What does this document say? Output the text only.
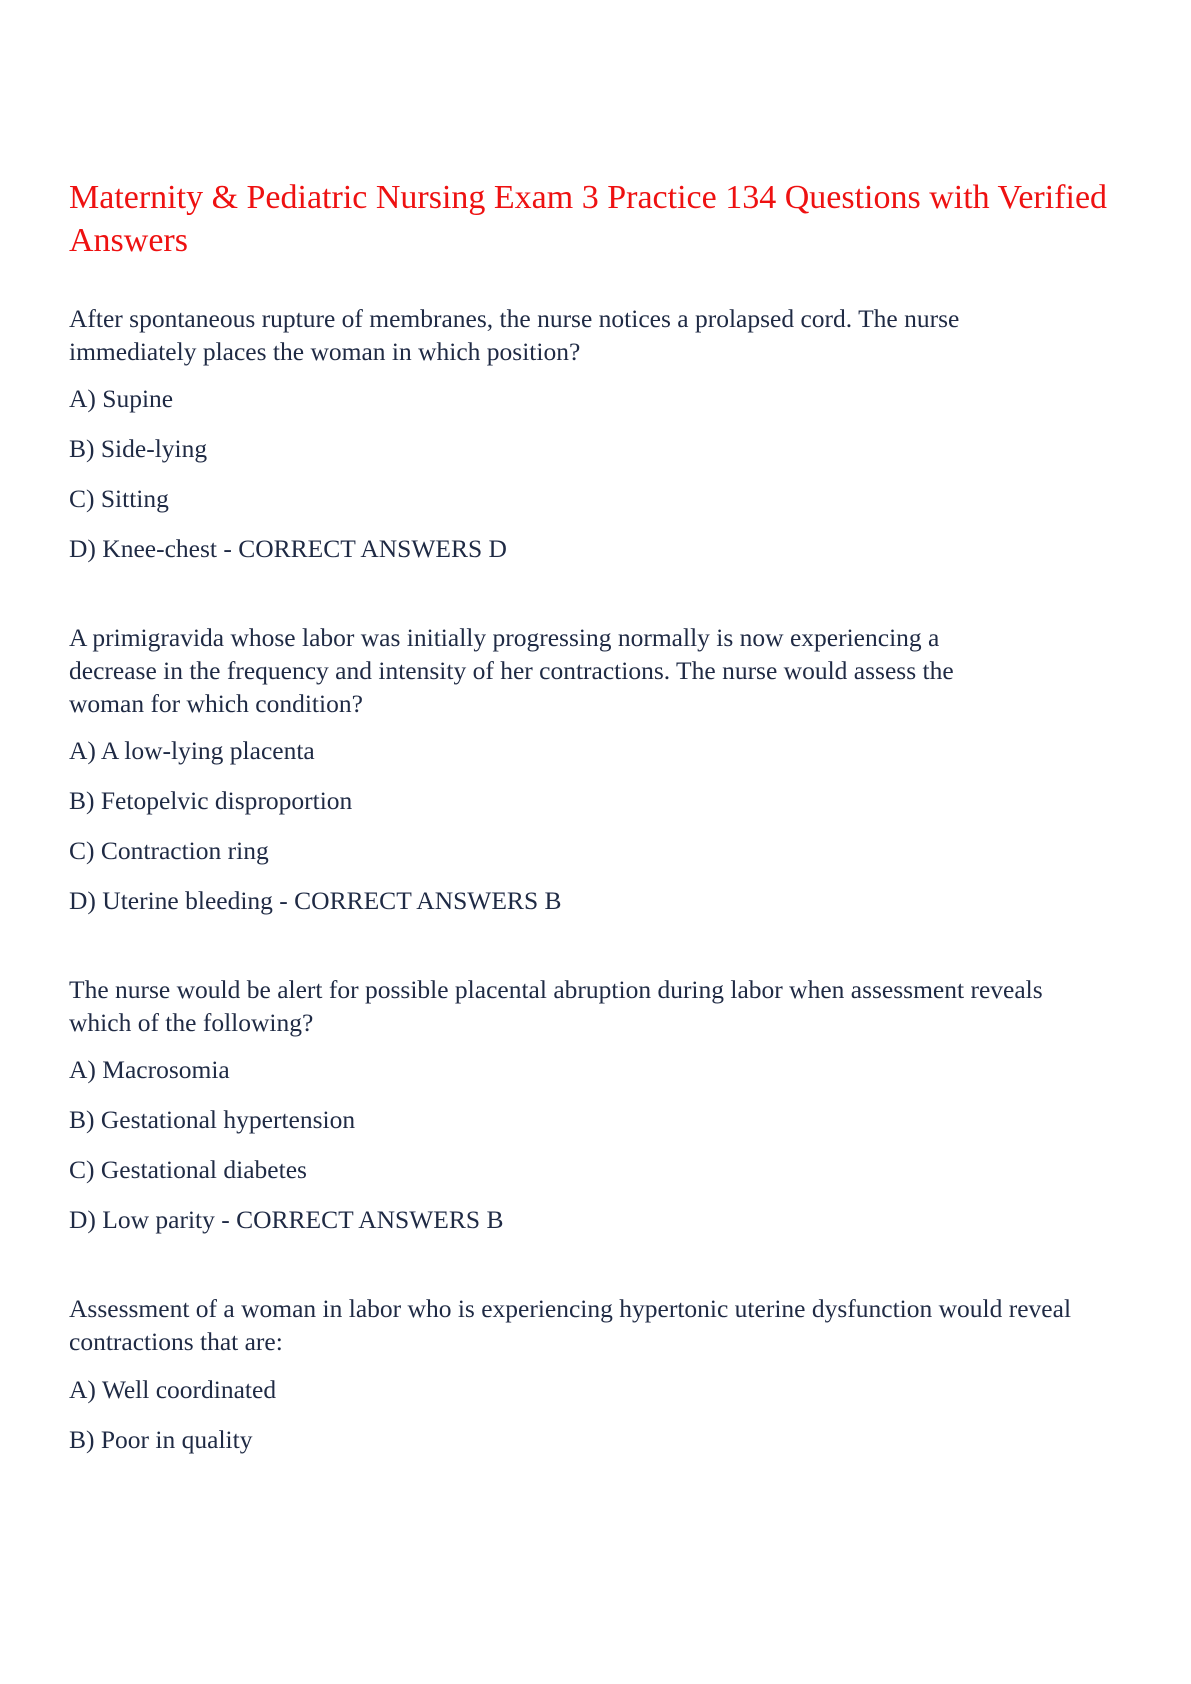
Maternity & Pediatric Nursing Exam 3 Practice 134 Questions with Verified Answers

After spontaneous rupture of membranes, the nurse notices a prolapsed cord. The nurse immediately places the woman in which position?

A) Supine

B) Side-lying

C) Sitting

D) Knee-chest - CORRECT ANSWERS D

A primigravida whose labor was initially progressing normally is now experiencing a decrease in the frequency and intensity of her contractions. The nurse would assess the woman for which condition?

A) A low-lying placenta

B) Fetopelvic disproportion

C) Contraction ring

D) Uterine bleeding - CORRECT ANSWERS B

The nurse would be alert for possible placental abruption during labor when assessment reveals which of the following?

A) Macrosomia

B) Gestational hypertension

C) Gestational diabetes

D) Low parity - CORRECT ANSWERS B

Assessment of a woman in labor who is experiencing hypertonic uterine dysfunction would reveal contractions that are:

A) Well coordinated

B) Poor in quality
